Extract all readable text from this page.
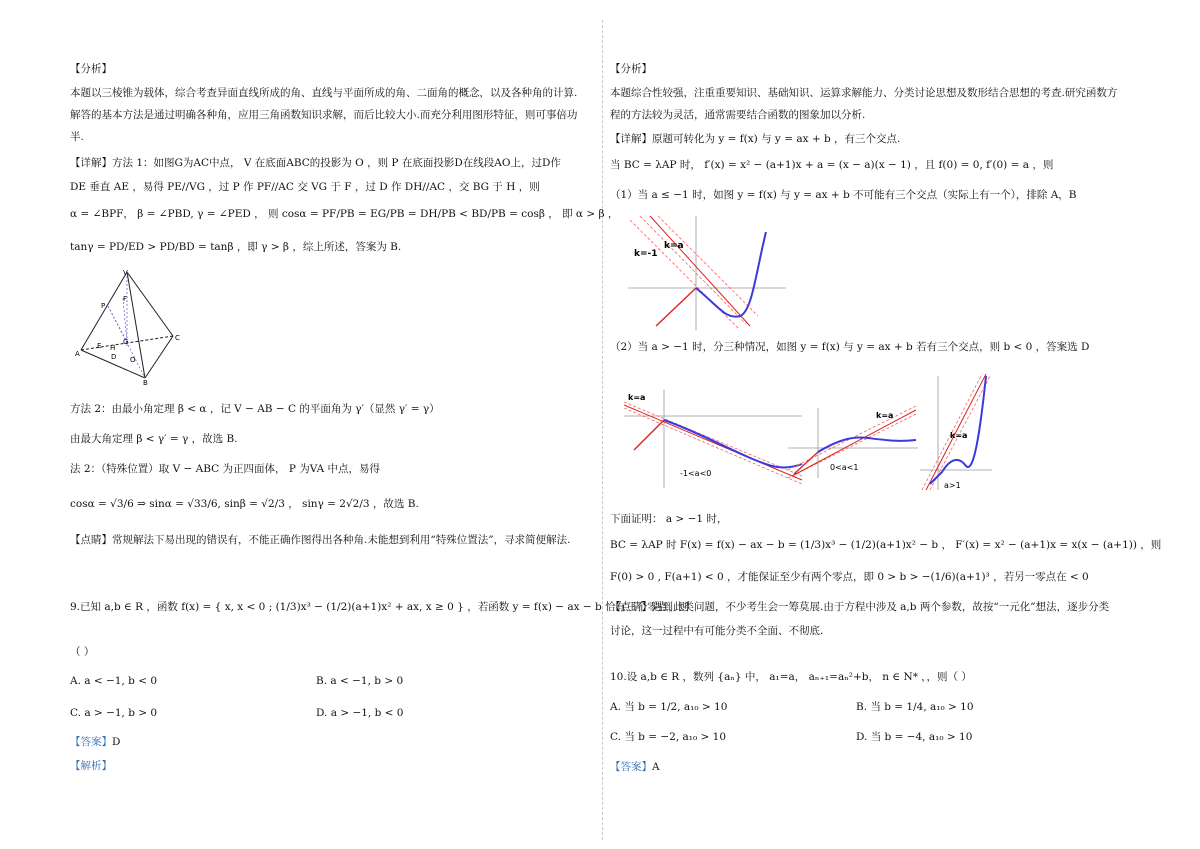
【分析】
本题以三棱锥为载体，综合考查异面直线所成的角、直线与平面所成的角、二面角的概念，以及各种角的计算.
解答的基本方法是通过明确各种角，应用三角函数知识求解，而后比较大小.而充分利用图形特征，则可事倍功
半.
【详解】方法 1：如图G为AC中点， V 在底面ABC的投影为 O ，则 P 在底面投影D在线段AO上，过D作
DE 垂直 AE ，易得 PE//VG ，过 P 作 PF//AC 交 VG 于 F ，过 D 作 DH//AC ，交 BG 于 H ，则
α = ∠BPF， β = ∠PBD, γ = ∠PED ， 则 cosα = PF/PB = EG/PB = DH/PB < BD/PB = cosβ ， 即 α > β ，
tanγ = PD/ED > PD/BD = tanβ ，即 γ > β ，综上所述，答案为 B.
V
P
F
E H
G
D O
A
B
C
方法 2：由最小角定理 β < α ，记 V − AB − C 的平面角为 γ′（显然 γ′ = γ）
由最大角定理 β < γ′ = γ ，故选 B.
法 2：（特殊位置）取 V − ABC 为正四面体， P 为VA 中点，易得
cosα = √3/6 ⇒ sinα = √33/6, sinβ = √2/3 ， sinγ = 2√2/3 ，故选 B.
【点睛】常规解法下易出现的错误有，不能正确作图得出各种角.未能想到利用“特殊位置法”，寻求简便解法.
9.已知 a,b ∈ R ，函数 f(x) = { x, x < 0 ; (1/3)x³ − (1/2)(a+1)x² + ax, x ≥ 0 } ，若函数 y = f(x) − ax − b 恰有三个零点，则
（ ）
A. a < −1, b < 0	B. a < −1, b > 0
C. a > −1, b > 0	D. a > −1, b < 0
【答案】D
【解析】
【分析】
本题综合性较强，注重重要知识、基础知识、运算求解能力、分类讨论思想及数形结合思想的考查.研究函数方
程的方法较为灵活，通常需要结合函数的图象加以分析.
【详解】原题可转化为 y = f(x) 与 y = ax + b ，有三个交点.
当 BC = λAP 时， f′(x) = x² − (a+1)x + a = (x − a)(x − 1) ，且 f(0) = 0, f′(0) = a ，则
（1）当 a ≤ −1 时，如图 y = f(x) 与 y = ax + b 不可能有三个交点（实际上有一个），排除 A，B
k=a
k=-1
（2）当 a > −1 时，分三种情况，如图 y = f(x) 与 y = ax + b 若有三个交点，则 b < 0 ，答案选 D
k=a
-1<a<0
k=a
0<a<1
k=a
a>1
下面证明： a > −1 时，
BC = λAP 时 F(x) = f(x) − ax − b = (1/3)x³ − (1/2)(a+1)x² − b ， F′(x) = x² − (a+1)x = x(x − (a+1)) ，则
F(0) > 0 , F(a+1) < 0 ，才能保证至少有两个零点，即 0 > b > −(1/6)(a+1)³ ，若另一零点在 < 0
【点睛】遇到此类问题，不少考生会一筹莫展.由于方程中涉及 a,b 两个参数，故按“一元化”想法，逐步分类
讨论，这一过程中有可能分类不全面、不彻底.
10.设 a,b ∈ R ，数列 {aₙ} 中， a₁=a， aₙ₊₁=aₙ²+b， n ∈ N* ，，则（ ）
A. 当 b = 1/2, a₁₀ > 10	B. 当 b = 1/4, a₁₀ > 10
C. 当 b = −2, a₁₀ > 10	D. 当 b = −4, a₁₀ > 10
【答案】A
